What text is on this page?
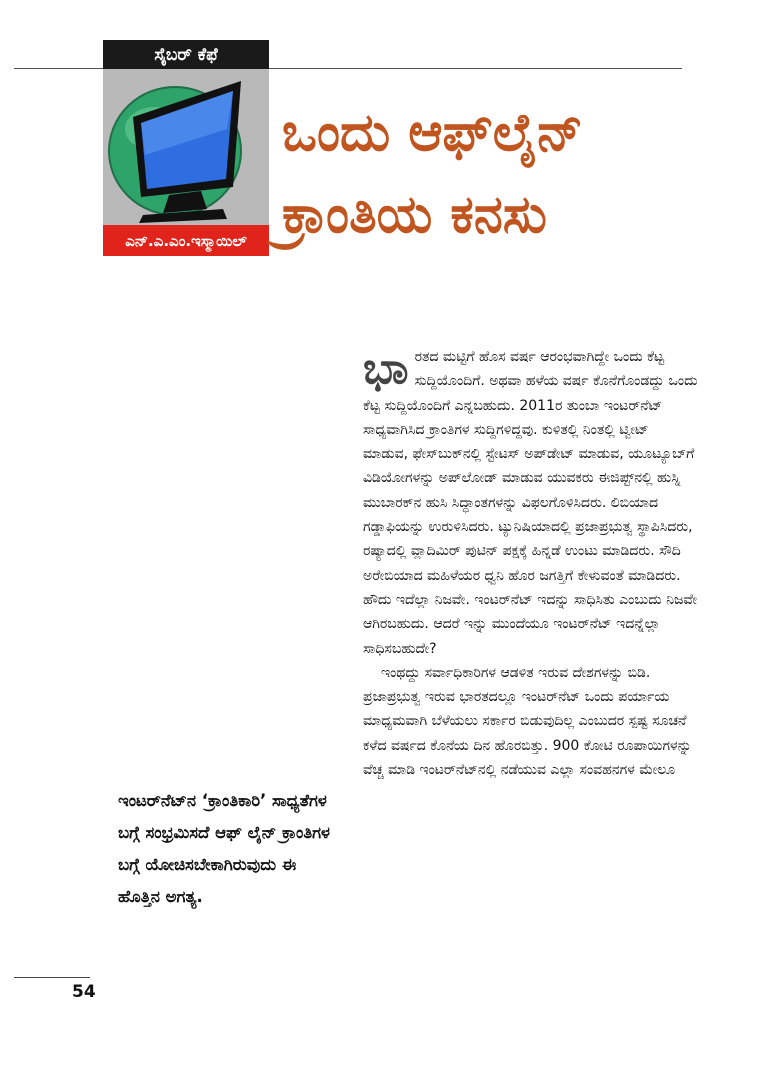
ಸೈಬರ್ ಕೆಫೆ
ಎನ್.ಎ.ಎಂ.ಇಸ್ಮಾಯಿಲ್
ಒಂದು ಆಫ್‌ಲೈನ್
ಕ್ರಾಂತಿಯ ಕನಸು

ಭಾರತದ ಮಟ್ಟಿಗೆ ಹೊಸ ವರ್ಷ ಆರಂಭವಾಗಿದ್ದೇ ಒಂದು ಕೆಟ್ಟ ಸುದ್ದಿಯೊಂದಿಗೆ. ಅಥವಾ ಹಳೆಯ ವರ್ಷ ಕೊನೆಗೊಂಡದ್ದು ಒಂದು ಕೆಟ್ಟ ಸುದ್ದಿಯೊಂದಿಗೆ ಎನ್ನಬಹುದು. 2011ರ ತುಂಬಾ ಇಂಟರ್‌ನೆಟ್ ಸಾಧ್ಯವಾಗಿಸಿದ ಕ್ರಾಂತಿಗಳ ಸುದ್ದಿಗಳಿದ್ದವು. ಕುಳಿತಲ್ಲಿ ನಿಂತಲ್ಲಿ ಟ್ವೀಟ್ ಮಾಡುವ, ಫೇಸ್‌ಬುಕ್‌ನಲ್ಲಿ ಸ್ಟೇಟಸ್ ಅಪ್‌ಡೇಟ್ ಮಾಡುವ, ಯೂಟ್ಯೂಬ್‌ಗೆ ವಿಡಿಯೋಗಳನ್ನು ಅಪ್‌ಲೋಡ್ ಮಾಡುವ ಯುವಕರು ಈಜಿಪ್ಟ್‌ನಲ್ಲಿ ಹುಸ್ನಿ ಮುಬಾರಕ್‌ನ ಹುಸಿ ಸಿದ್ಧಾಂತಗಳನ್ನು ವಿಫಲಗೊಳಿಸಿದರು. ಲಿಬಿಯಾದ ಗಡ್ಡಾಫಿಯನ್ನು ಉರುಳಿಸಿದರು. ಟ್ಯುನಿಷಿಯಾದಲ್ಲಿ ಪ್ರಜಾಪ್ರಭುತ್ವ ಸ್ಥಾಪಿಸಿದರು, ರಷ್ಯಾದಲ್ಲಿ ವ್ಲಾದಿಮಿರ್ ಪುಟಿನ್ ಪಕ್ಷಕ್ಕೆ ಹಿನ್ನಡೆ ಉಂಟು ಮಾಡಿದರು. ಸೌದಿ ಅರೇಬಿಯಾದ ಮಹಿಳೆಯರ ಧ್ವನಿ ಹೊರ ಜಗತ್ತಿಗೆ ಕೇಳುವಂತೆ ಮಾಡಿದರು. ಹೌದು ಇದೆಲ್ಲಾ ನಿಜವೇ. ಇಂಟರ್‌ನೆಟ್ ಇದನ್ನು ಸಾಧಿಸಿತು ಎಂಬುದು ನಿಜವೇ ಆಗಿರಬಹುದು. ಆದರೆ ಇನ್ನು ಮುಂದೆಯೂ ಇಂಟರ್‌ನೆಟ್ ಇದನ್ನೆಲ್ಲಾ ಸಾಧಿಸಬಹುದೇ?

ಇಂಥದ್ದು ಸರ್ವಾಧಿಕಾರಿಗಳ ಆಡಳಿತ ಇರುವ ದೇಶಗಳನ್ನು ಬಿಡಿ. ಪ್ರಜಾಪ್ರಭುತ್ವ ಇರುವ ಭಾರತದಲ್ಲೂ ಇಂಟರ್‌ನೆಟ್ ಒಂದು ಪರ್ಯಾಯ ಮಾಧ್ಯಮವಾಗಿ ಬೆಳೆಯಲು ಸರ್ಕಾರ ಬಿಡುವುದಿಲ್ಲ ಎಂಬುದರ ಸ್ಪಷ್ಟ ಸೂಚನೆ ಕಳೆದ ವರ್ಷದ ಕೊನೆಯ ದಿನ ಹೊರಬಿತ್ತು. 900 ಕೋಟಿ ರೂಪಾಯಿಗಳನ್ನು ವೆಚ್ಚ ಮಾಡಿ ಇಂಟರ್‌ನೆಟ್‌ನಲ್ಲಿ ನಡೆಯುವ ಎಲ್ಲಾ ಸಂವಹನಗಳ ಮೇಲೂ

ಇಂಟರ್‌ನೆಟ್‌ನ ‘ಕ್ರಾಂತಿಕಾರಿ’ ಸಾಧ್ಯತೆಗಳ ಬಗ್ಗೆ ಸಂಭ್ರಮಿಸದೆ ಆಫ್ ಲೈನ್ ಕ್ರಾಂತಿಗಳ ಬಗ್ಗೆ ಯೋಚಿಸಬೇಕಾಗಿರುವುದು ಈ ಹೊತ್ತಿನ ಅಗತ್ಯ.
54
